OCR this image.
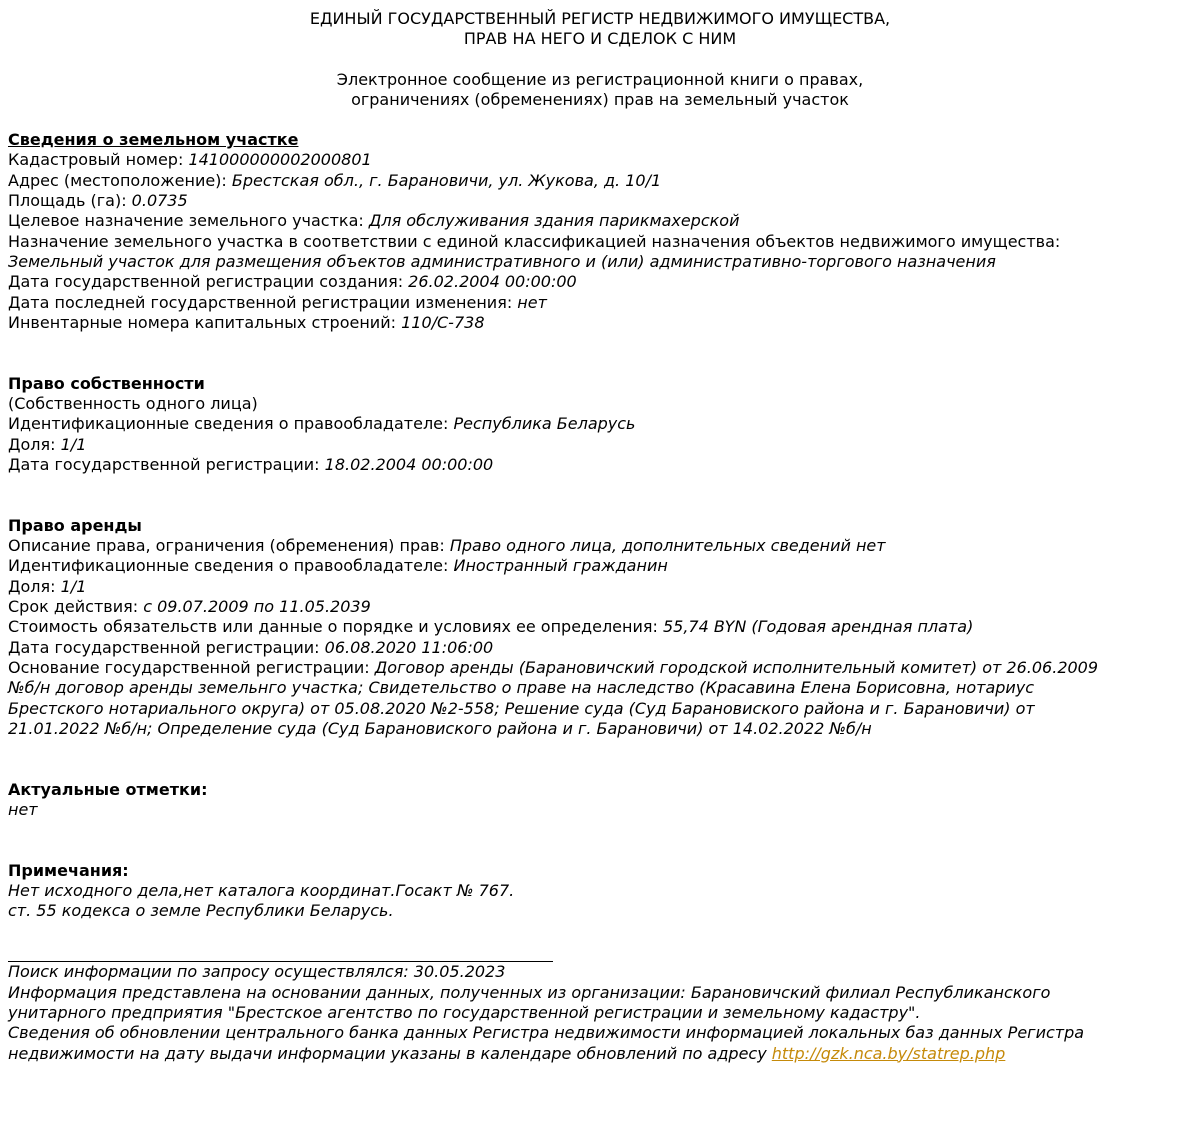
ЕДИНЫЙ ГОСУДАРСТВЕННЫЙ РЕГИСТР НЕДВИЖИМОГО ИМУЩЕСТВА,
ПРАВ НА НЕГО И СДЕЛОК С НИМ
Электронное сообщение из регистрационной книги о правах,
ограничениях (обременениях) прав на земельный участок
Сведения о земельном участке
Кадастровый номер: 141000000002000801
Адрес (местоположение): Брестская обл., г. Барановичи, ул. Жукова, д. 10/1
Площадь (га): 0.0735
Целевое назначение земельного участка: Для обслуживания здания парикмахерской
Назначение земельного участка в соответствии с единой классификацией назначения объектов недвижимого имущества:
Земельный участок для размещения объектов административного и (или) административно-торгового назначения
Дата государственной регистрации создания: 26.02.2004 00:00:00
Дата последней государственной регистрации изменения: нет
Инвентарные номера капитальных строений: 110/С-738
Право собственности
(Собственность одного лица)
Идентификационные сведения о правообладателе: Республика Беларусь
Доля: 1/1
Дата государственной регистрации: 18.02.2004 00:00:00
Право аренды
Описание права, ограничения (обременения) прав: Право одного лица, дополнительных сведений нет
Идентификационные сведения о правообладателе: Иностранный гражданин
Доля: 1/1
Срок действия: с 09.07.2009 по 11.05.2039
Стоимость обязательств или данные о порядке и условиях ее определения: 55,74 BYN (Годовая арендная плата)
Дата государственной регистрации: 06.08.2020 11:06:00
Основание государственной регистрации: Договор аренды (Барановичский городской исполнительный комитет) от 26.06.2009
№б/н договор аренды земельнго участка; Свидетельство о праве на наследство (Красавина Елена Борисовна, нотариус
Брестского нотариального округа) от 05.08.2020 №2-558; Решение суда (Суд Барановиского района и г. Барановичи) от
21.01.2022 №б/н; Определение суда (Суд Барановиского района и г. Барановичи) от 14.02.2022 №б/н
Актуальные отметки:
нет
Примечания:
Нет исходного дела,нет каталога координат.Госакт № 767.
ст. 55 кодекса о земле Республики Беларусь.
Поиск информации по запросу осуществлялся: 30.05.2023
Информация представлена на основании данных, полученных из организации: Барановичский филиал Республиканского
унитарного предприятия "Брестское агентство по государственной регистрации и земельному кадастру".
Сведения об обновлении центрального банка данных Регистра недвижимости информацией локальных баз данных Регистра
недвижимости на дату выдачи информации указаны в календаре обновлений по адресу http://gzk.nca.by/statrep.php
